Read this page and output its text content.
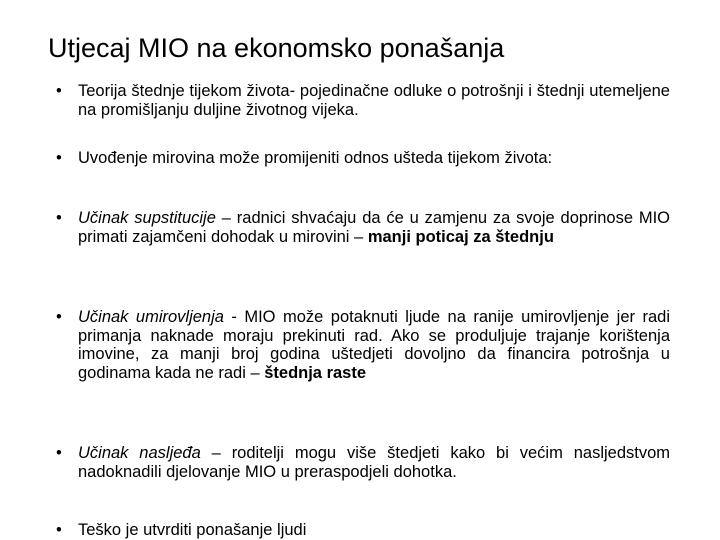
Utjecaj MIO na ekonomsko ponašanja
• Teorija štednje tijekom života- pojedinačne odluke o potrošnji i štednji utemeljene na promišljanju duljine životnog vijeka.
• Uvođenje mirovina može promijeniti odnos ušteda tijekom života:
• Učinak supstitucije – radnici shvaćaju da će u zamjenu za svoje doprinose MIO primati zajamčeni dohodak u mirovini – manji poticaj za štednju
• Učinak umirovljenja - MIO može potaknuti ljude na ranije umirovljenje jer radi primanja naknade moraju prekinuti rad. Ako se produljuje trajanje korištenja imovine, za manji broj godina uštedjeti dovoljno da financira potrošnja u godinama kada ne radi – štednja raste
• Učinak nasljeđa – roditelji mogu više štedjeti kako bi većim nasljedstvom nadoknadili djelovanje MIO u preraspodjeli dohotka.
• Teško je utvrditi ponašanje ljudi
